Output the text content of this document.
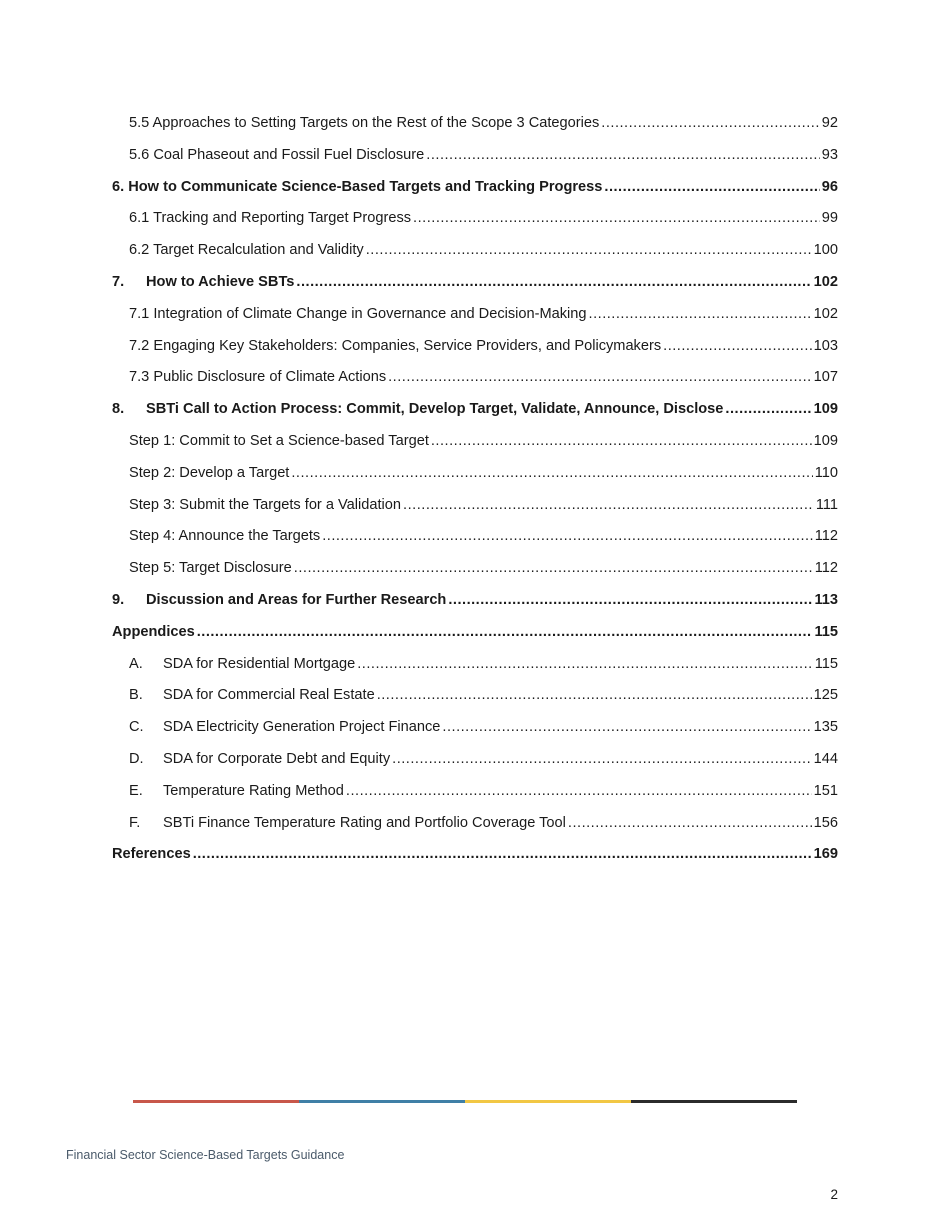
5.5 Approaches to Setting Targets on the Rest of the Scope 3 Categories .....	92
5.6 Coal Phaseout and Fossil Fuel Disclosure .....	93
6. How to Communicate Science-Based Targets and Tracking Progress .....	96
6.1 Tracking and Reporting Target Progress .....	99
6.2 Target Recalculation and Validity .....	100
7.	How to Achieve SBTs .....	102
7.1 Integration of Climate Change in Governance and Decision-Making .....	102
7.2 Engaging Key Stakeholders: Companies, Service Providers, and Policymakers .....	103
7.3 Public Disclosure of Climate Actions .....	107
8.	SBTi Call to Action Process: Commit, Develop Target, Validate, Announce, Disclose .....	109
Step 1: Commit to Set a Science-based Target .....	109
Step 2: Develop a Target .....	110
Step 3: Submit the Targets for a Validation .....	111
Step 4: Announce the Targets .....	112
Step 5: Target Disclosure .....	112
9.	Discussion and Areas for Further Research .....	113
Appendices .....	115
A.	SDA for Residential Mortgage .....	115
B.	SDA for Commercial Real Estate .....	125
C.	SDA Electricity Generation Project Finance .....	135
D.	SDA for Corporate Debt and Equity .....	144
E.	Temperature Rating Method .....	151
F.	SBTi Finance Temperature Rating and Portfolio Coverage Tool .....	156
References .....	169
Financial Sector Science-Based Targets Guidance
2
